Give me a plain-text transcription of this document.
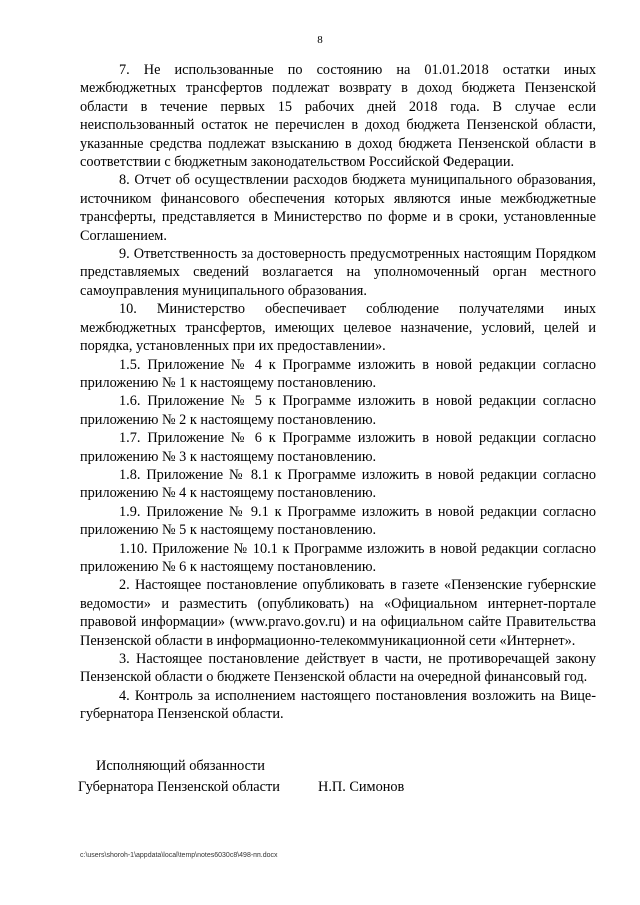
8

7. Не использованные по состоянию на 01.01.2018 остатки иных межбюджетных трансфертов подлежат возврату в доход бюджета Пензенской области в течение первых 15 рабочих дней 2018 года. В случае если неиспользованный остаток не перечислен в доход бюджета Пензенской области, указанные средства подлежат взысканию в доход бюджета Пензенской области в соответствии с бюджетным законодательством Российской Федерации.

8. Отчет об осуществлении расходов бюджета муниципального образования, источником финансового обеспечения которых являются иные межбюджетные трансферты, представляется в Министерство по форме и в сроки, установленные Соглашением.

9. Ответственность за достоверность предусмотренных настоящим Порядком представляемых сведений возлагается на уполномоченный орган местного самоуправления муниципального образования.

10. Министерство обеспечивает соблюдение получателями иных межбюджетных трансфертов, имеющих целевое назначение, условий, целей и порядка, установленных при их предоставлении».

1.5. Приложение № 4 к Программе изложить в новой редакции согласно приложению № 1 к настоящему постановлению.

1.6. Приложение № 5 к Программе изложить в новой редакции согласно приложению № 2 к настоящему постановлению.

1.7. Приложение № 6 к Программе изложить в новой редакции согласно приложению № 3 к настоящему постановлению.

1.8. Приложение № 8.1 к Программе изложить в новой редакции согласно приложению № 4 к настоящему постановлению.

1.9. Приложение № 9.1 к Программе изложить в новой редакции согласно приложению № 5 к настоящему постановлению.

1.10. Приложение № 10.1 к Программе изложить в новой редакции согласно приложению № 6 к настоящему постановлению.

2. Настоящее постановление опубликовать в газете «Пензенские губернские ведомости» и разместить (опубликовать) на «Официальном интернет-портале правовой информации» (www.pravo.gov.ru) и на официальном сайте Правительства Пензенской области в информационно-телекоммуникационной сети «Интернет».

3. Настоящее постановление действует в части, не противоречащей закону Пензенской области о бюджете Пензенской области на очередной финансовый год.

4. Контроль за исполнением настоящего постановления возложить на Вице-губернатора Пензенской области.

Исполняющий обязанности
Губернатора Пензенской области	Н.П. Симонов
c:\users\shoroh-1\appdata\local\temp\notes6030c8\498-пп.docx
